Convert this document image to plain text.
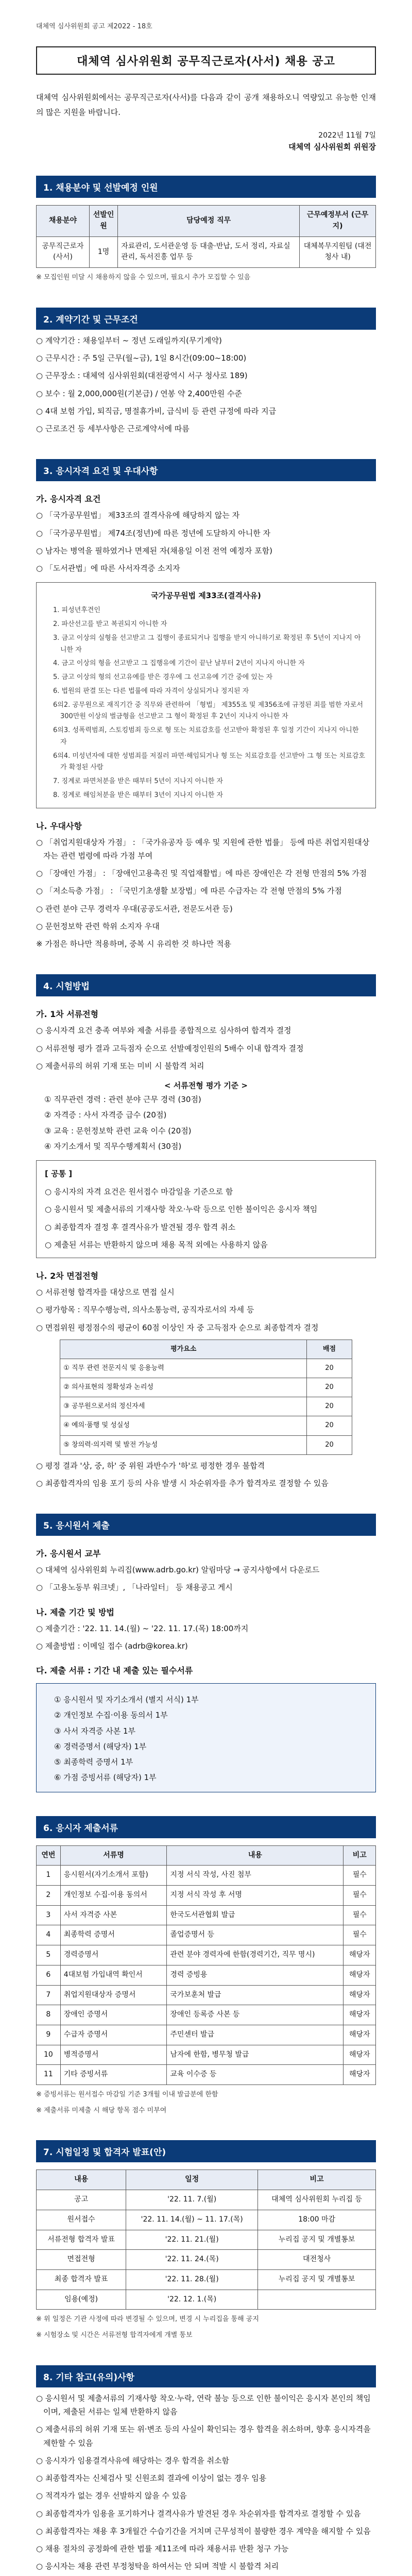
대체역 심사위원회 공고 제2022 - 18호
대체역 심사위원회 공무직근로자(사서) 채용 공고
대체역 심사위원회에서는 공무직근로자(사서)를 다음과 같이 공개 채용하오니 역량있고 유능한 인재의 많은 지원을 바랍니다.
2022년 11월 7일
대체역 심사위원회 위원장
1. 채용분야 및 선발예정 인원
채용분야	선발인원	담당예정 직무	근무예정부서 (근무지)
공무직근로자(사서)	1명	자료관리, 도서관운영 등 대출·반납, 도서 정리, 자료실 관리, 독서진흥 업무 등	대체복무지원팀 (대전청사 내)
※ 모집인원 미달 시 채용하지 않을 수 있으며, 필요시 추가 모집할 수 있음
2. 계약기간 및 근무조건
○ 계약기간 : 채용일부터 ~ 정년 도래일까지(무기계약)
○ 근무시간 : 주 5일 근무(월~금), 1일 8시간(09:00~18:00)
○ 근무장소 : 대체역 심사위원회(대전광역시 서구 청사로 189)
○ 보수 : 월 2,000,000원(기본급) / 연봉 약 2,400만원 수준
○ 4대 보험 가입, 퇴직금, 명절휴가비, 급식비 등 관련 규정에 따라 지급
○ 근로조건 등 세부사항은 근로계약서에 따름
3. 응시자격 요건 및 우대사항
가. 응시자격 요건
○ 「국가공무원법」 제33조의 결격사유에 해당하지 않는 자
○ 「국가공무원법」 제74조(정년)에 따른 정년에 도달하지 아니한 자
○ 남자는 병역을 필하였거나 면제된 자(채용일 이전 전역 예정자 포함)
○ 「도서관법」에 따른 사서자격증 소지자
국가공무원법 제33조(결격사유)
1. 피성년후견인
2. 파산선고를 받고 복권되지 아니한 자
3. 금고 이상의 실형을 선고받고 그 집행이 종료되거나 집행을 받지 아니하기로 확정된 후 5년이 지나지 아니한 자
4. 금고 이상의 형을 선고받고 그 집행유예 기간이 끝난 날부터 2년이 지나지 아니한 자
5. 금고 이상의 형의 선고유예를 받은 경우에 그 선고유예 기간 중에 있는 자
6. 법원의 판결 또는 다른 법률에 따라 자격이 상실되거나 정지된 자
6의2. 공무원으로 재직기간 중 직무와 관련하여 「형법」 제355조 및 제356조에 규정된 죄를 범한 자로서 300만원 이상의 벌금형을 선고받고 그 형이 확정된 후 2년이 지나지 아니한 자
6의3. 성폭력범죄, 스토킹범죄 등으로 형 또는 치료감호를 선고받아 확정된 후 일정 기간이 지나지 아니한 자
6의4. 미성년자에 대한 성범죄를 저질러 파면·해임되거나 형 또는 치료감호를 선고받아 그 형 또는 치료감호가 확정된 사람
7. 징계로 파면처분을 받은 때부터 5년이 지나지 아니한 자
8. 징계로 해임처분을 받은 때부터 3년이 지나지 아니한 자
나. 우대사항
○ 「취업지원대상자 가점」 : 「국가유공자 등 예우 및 지원에 관한 법률」 등에 따른 취업지원대상자는 관련 법령에 따라 가점 부여
○ 「장애인 가점」 : 「장애인고용촉진 및 직업재활법」에 따른 장애인은 각 전형 만점의 5% 가점
○ 「저소득층 가점」 : 「국민기초생활 보장법」에 따른 수급자는 각 전형 만점의 5% 가점
○ 관련 분야 근무 경력자 우대(공공도서관, 전문도서관 등)
○ 문헌정보학 관련 학위 소지자 우대
※ 가점은 하나만 적용하며, 중복 시 유리한 것 하나만 적용
4. 시험방법
가. 1차 서류전형
○ 응시자격 요건 충족 여부와 제출 서류를 종합적으로 심사하여 합격자 결정
○ 서류전형 평가 결과 고득점자 순으로 선발예정인원의 5배수 이내 합격자 결정
○ 제출서류의 허위 기재 또는 미비 시 불합격 처리
< 서류전형 평가 기준 >
① 직무관련 경력 : 관련 분야 근무 경력 (30점)
② 자격증 : 사서 자격증 급수 (20점)
③ 교육 : 문헌정보학 관련 교육 이수 (20점)
④ 자기소개서 및 직무수행계획서 (30점)
[ 공통 ]
○ 응시자의 자격 요건은 원서접수 마감일을 기준으로 함
○ 응시원서 및 제출서류의 기재사항 착오·누락 등으로 인한 불이익은 응시자 책임
○ 최종합격자 결정 후 결격사유가 발견될 경우 합격 취소
○ 제출된 서류는 반환하지 않으며 채용 목적 외에는 사용하지 않음
나. 2차 면접전형
○ 서류전형 합격자를 대상으로 면접 실시
○ 평가항목 : 직무수행능력, 의사소통능력, 공직자로서의 자세 등
○ 면접위원 평정점수의 평균이 60점 이상인 자 중 고득점자 순으로 최종합격자 결정
평가요소	배점
① 직무 관련 전문지식 및 응용능력	20
② 의사표현의 정확성과 논리성	20
③ 공무원으로서의 정신자세	20
④ 예의·품행 및 성실성	20
⑤ 창의력·의지력 및 발전 가능성	20
○ 평정 결과 '상, 중, 하' 중 위원 과반수가 '하'로 평정한 경우 불합격
○ 최종합격자의 임용 포기 등의 사유 발생 시 차순위자를 추가 합격자로 결정할 수 있음
5. 응시원서 제출
가. 응시원서 교부
○ 대체역 심사위원회 누리집(www.adrb.go.kr) 알림마당 → 공지사항에서 다운로드
○ 「고용노동부 워크넷」, 「나라일터」 등 채용공고 게시
나. 제출 기간 및 방법
○ 제출기간 : '22. 11. 14.(월) ~ '22. 11. 17.(목) 18:00까지
○ 제출방법 : 이메일 접수 (adrb@korea.kr)
다. 제출 서류 : 기간 내 제출 있는 필수서류
① 응시원서 및 자기소개서 (별지 서식) 1부
② 개인정보 수집·이용 동의서 1부
③ 사서 자격증 사본 1부
④ 경력증명서 (해당자) 1부
⑤ 최종학력 증명서 1부
⑥ 가점 증빙서류 (해당자) 1부
6. 응시자 제출서류
연번	서류명	내용	비고
1	응시원서(자기소개서 포함)	지정 서식 작성, 사진 첨부	필수
2	개인정보 수집·이용 동의서	지정 서식 작성 후 서명	필수
3	사서 자격증 사본	한국도서관협회 발급	필수
4	최종학력 증명서	졸업증명서 등	필수
5	경력증명서	관련 분야 경력자에 한함(경력기간, 직무 명시)	해당자
6	4대보험 가입내역 확인서	경력 증빙용	해당자
7	취업지원대상자 증명서	국가보훈처 발급	해당자
8	장애인 증명서	장애인 등록증 사본 등	해당자
9	수급자 증명서	주민센터 발급	해당자
10	병적증명서	남자에 한함, 병무청 발급	해당자
11	기타 증빙서류	교육 이수증 등	해당자
※ 증빙서류는 원서접수 마감일 기준 3개월 이내 발급분에 한함
※ 제출서류 미제출 시 해당 항목 점수 미부여
7. 시험일정 및 합격자 발표(안)
내용	일정	비고
공고	'22. 11. 7.(월)	대체역 심사위원회 누리집 등
원서접수	'22. 11. 14.(월) ~ 11. 17.(목)	18:00 마감
서류전형 합격자 발표	'22. 11. 21.(월)	누리집 공지 및 개별통보
면접전형	'22. 11. 24.(목)	대전청사
최종 합격자 발표	'22. 11. 28.(월)	누리집 공지 및 개별통보
임용(예정)	'22. 12. 1.(목)	
※ 위 일정은 기관 사정에 따라 변경될 수 있으며, 변경 시 누리집을 통해 공지
※ 시험장소 및 시간은 서류전형 합격자에게 개별 통보
8. 기타 참고(유의)사항
○ 응시원서 및 제출서류의 기재사항 착오·누락, 연락 불능 등으로 인한 불이익은 응시자 본인의 책임이며, 제출된 서류는 일체 반환하지 않음
○ 제출서류의 허위 기재 또는 위·변조 등의 사실이 확인되는 경우 합격을 취소하며, 향후 응시자격을 제한할 수 있음
○ 응시자가 임용결격사유에 해당하는 경우 합격을 취소함
○ 최종합격자는 신체검사 및 신원조회 결과에 이상이 없는 경우 임용
○ 적격자가 없는 경우 선발하지 않을 수 있음
○ 최종합격자가 임용을 포기하거나 결격사유가 발견된 경우 차순위자를 합격자로 결정할 수 있음
○ 최종합격자는 채용 후 3개월간 수습기간을 거치며 근무성적이 불량한 경우 계약을 해지할 수 있음
○ 채용 절차의 공정화에 관한 법률 제11조에 따라 채용서류 반환 청구 가능
○ 응시자는 채용 관련 부정청탁을 하여서는 안 되며 적발 시 불합격 처리
